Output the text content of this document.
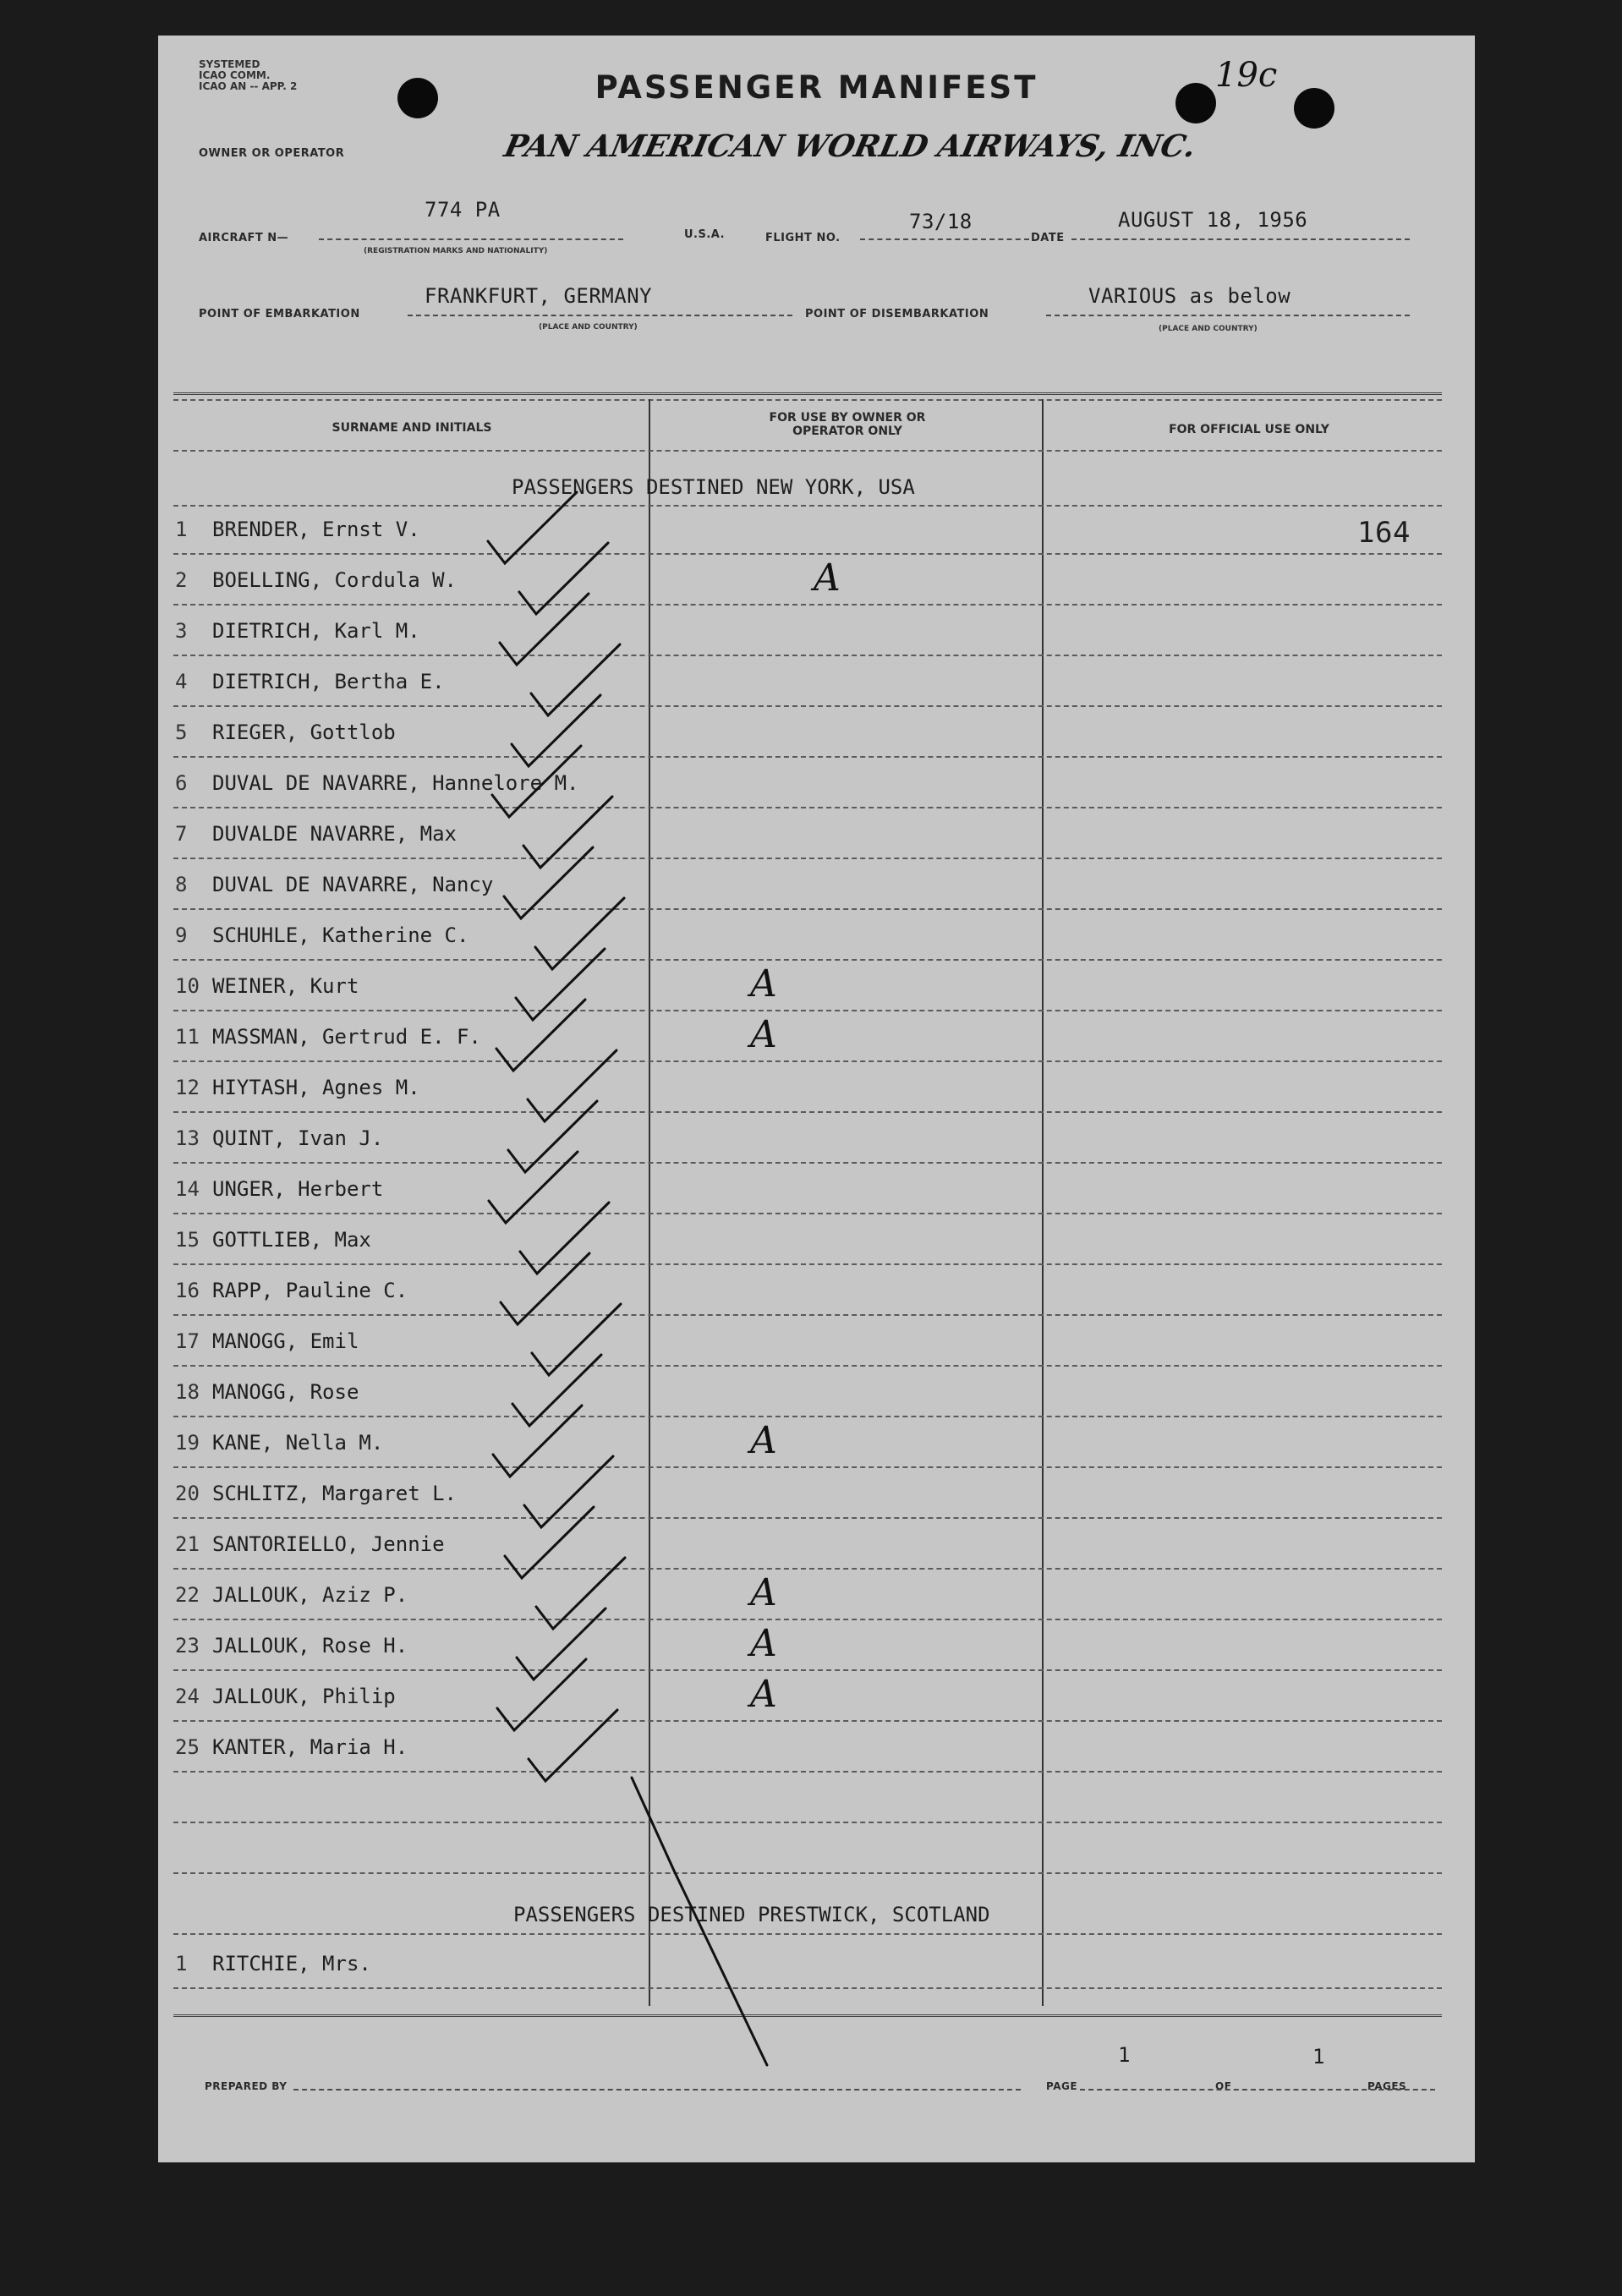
SYSTEMED
ICAO COMM.
ICAO AN -- APP. 2	PASSENGER MANIFEST	19c
OWNER OR OPERATOR	PAN AMERICAN WORLD AIRWAYS, INC.
AIRCRAFT N—
774 PA
(REGISTRATION MARKS AND NATIONALITY)
U.S.A.	FLIGHT NO.
73/18
DATE
AUGUST 18, 1956
POINT OF EMBARKATION
FRANKFURT, GERMANY
(PLACE AND COUNTRY)
POINT OF DISEMBARKATION
VARIOUS as below
(PLACE AND COUNTRY)
SURNAME AND INITIALS
FOR USE BY OWNER OR OPERATOR ONLY	FOR OFFICIAL USE ONLY
164
PASSENGERS DESTINED NEW YORK, USA
1	BRENDER, Ernst V.
2	BOELLING, Cordula W.	A
3	DIETRICH, Karl M.
4	DIETRICH, Bertha E.
5	RIEGER, Gottlob
6	DUVAL DE NAVARRE, Hannelore M.
7	DUVALDE NAVARRE, Max
8	DUVAL DE NAVARRE, Nancy
9	SCHUHLE, Katherine C.
10 WEINER, Kurt	A
11 MASSMAN, Gertrud E. F.	A
12 HIYTASH, Agnes M.
13 QUINT, Ivan J.
14 UNGER, Herbert
15 GOTTLIEB, Max
16 RAPP, Pauline C.
17 MANOGG, Emil
18 MANOGG, Rose
19 KANE, Nella M.	A
20 SCHLITZ, Margaret L.
21 SANTORIELLO, Jennie
22 JALLOUK, Aziz P.	A
23 JALLOUK, Rose H.	A
24 JALLOUK, Philip	A
25 KANTER, Maria H.
PASSENGERS DESTINED PRESTWICK, SCOTLAND
1	RITCHIE, Mrs.
PREPARED BY
1
PAGE	OF
1
PAGES
